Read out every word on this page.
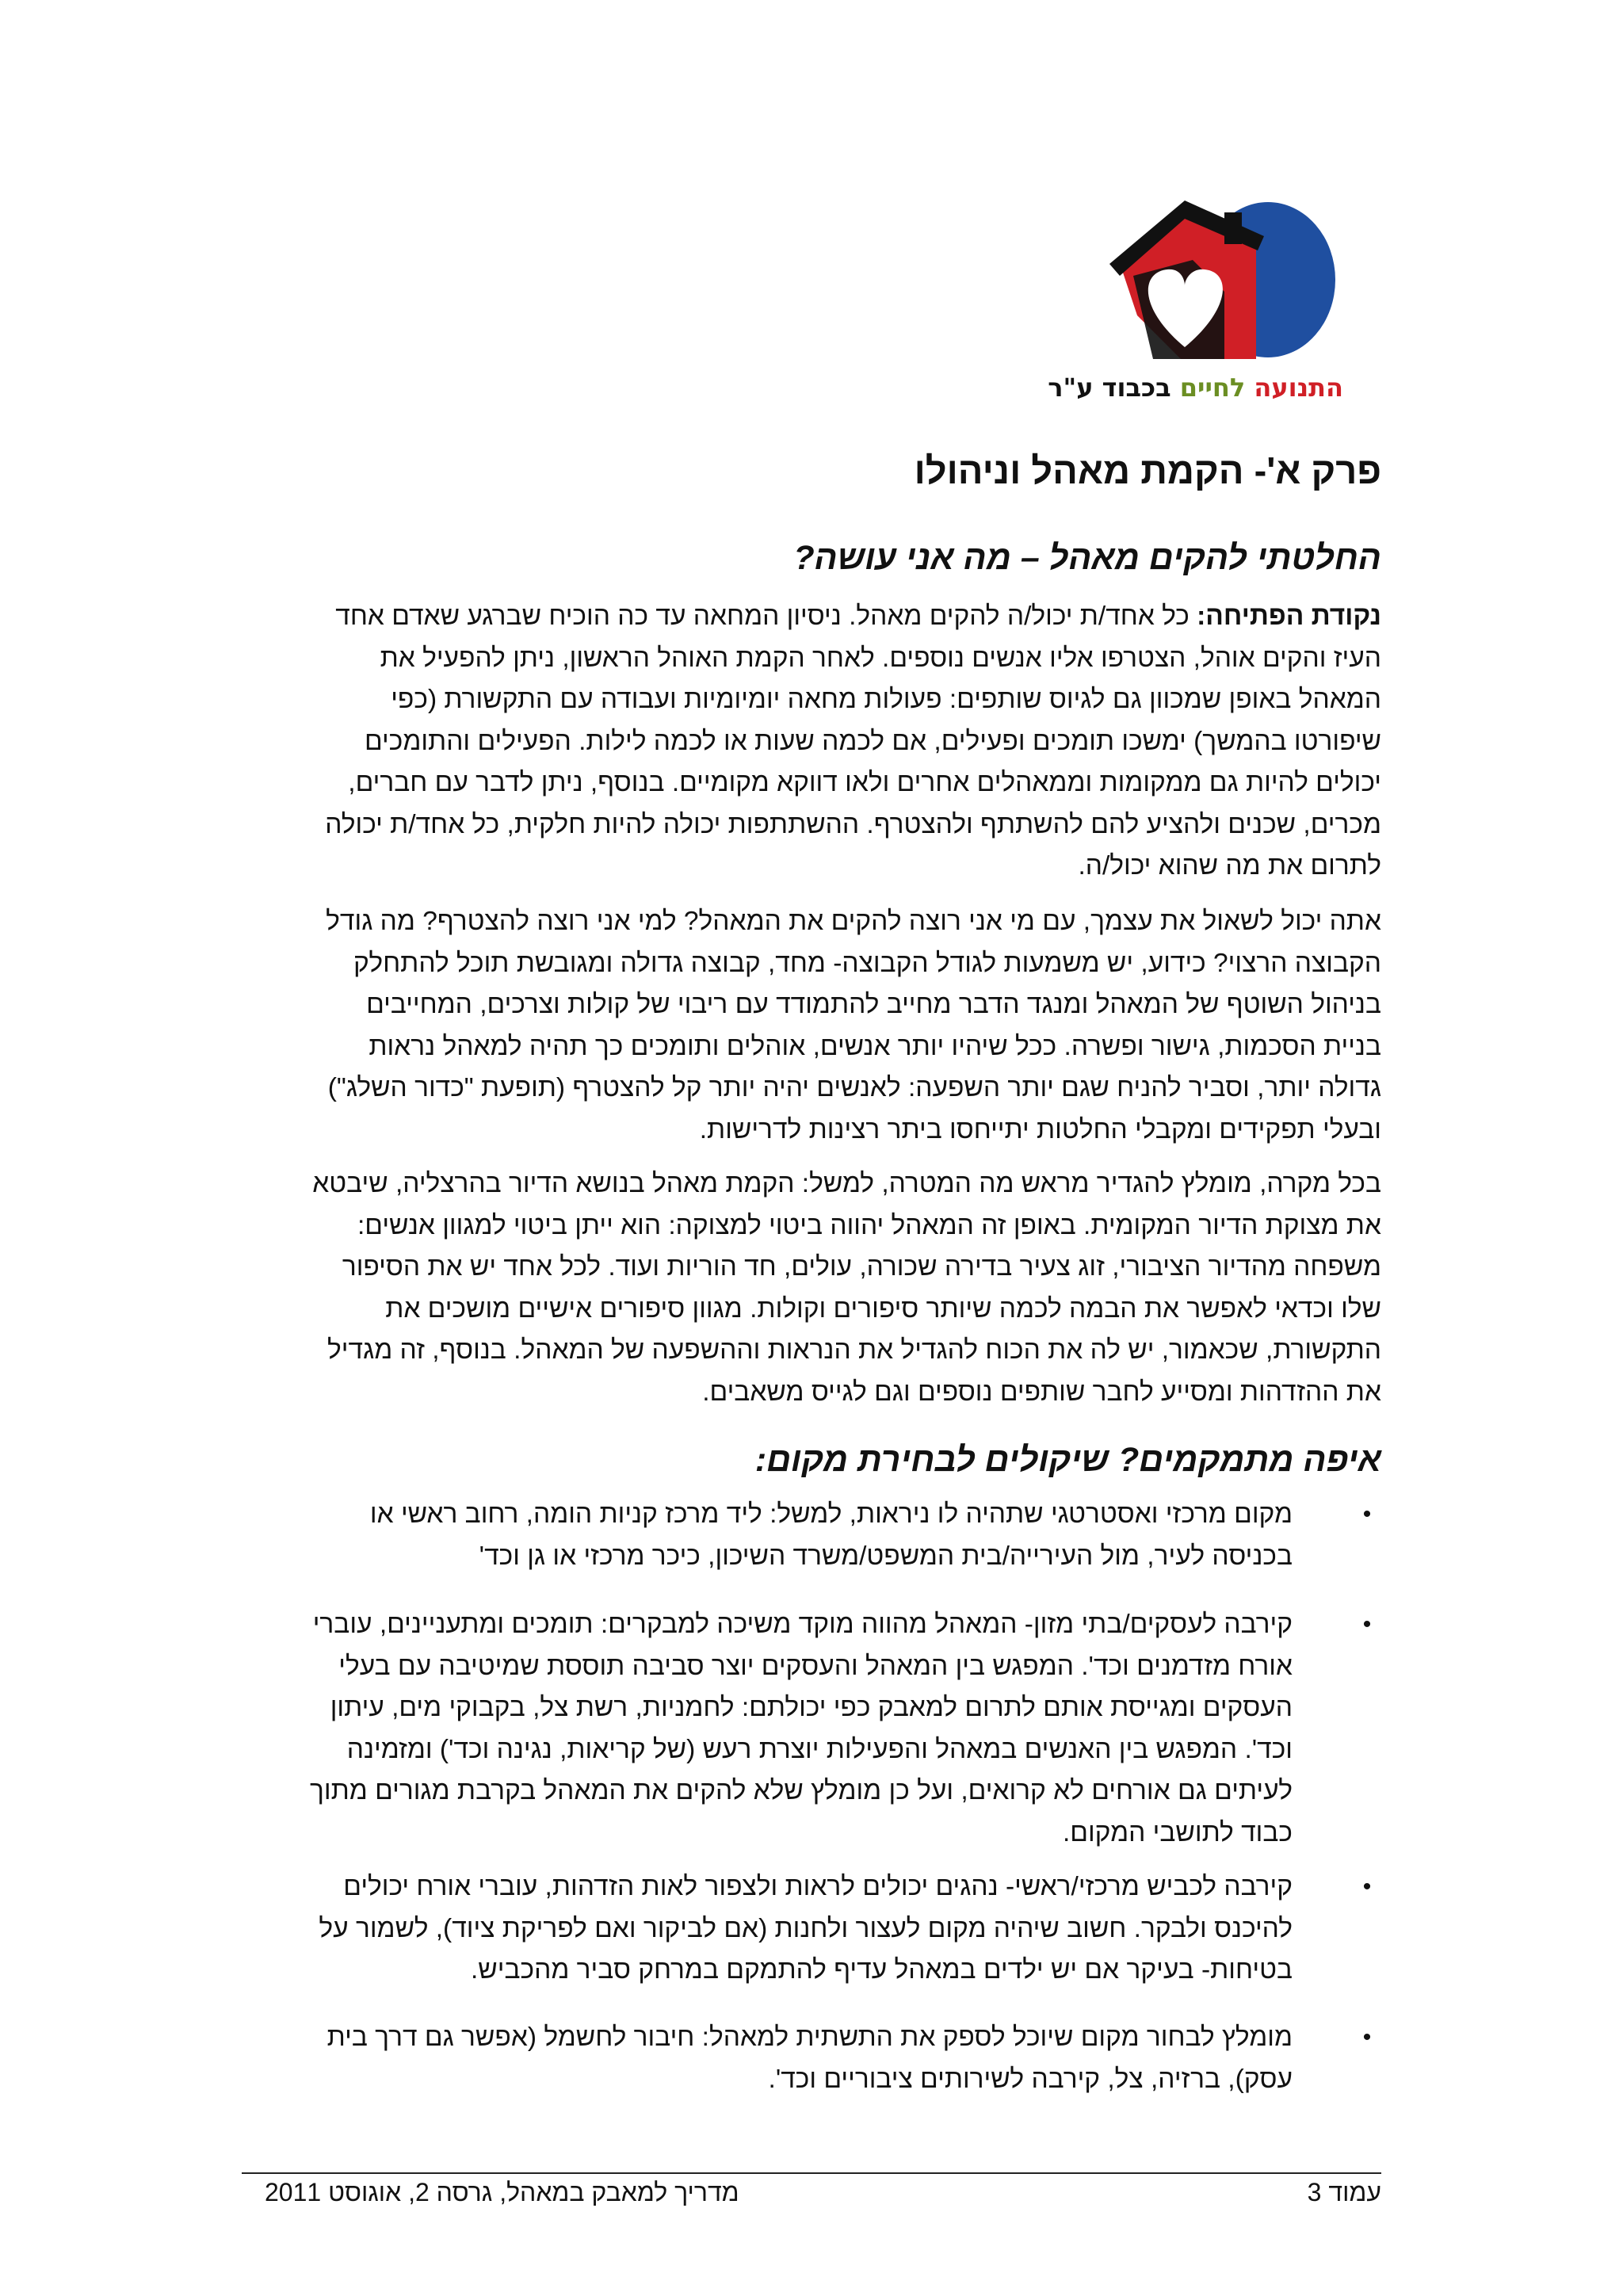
התנועה לחיים בכבוד ע"ר
פרק א'- הקמת מאהל וניהולו
החלטתי להקים מאהל – מה אני עושה?
נקודת הפתיחה: כל אחד/ת יכול/ה להקים מאהל. ניסיון המחאה עד כה הוכיח שברגע שאדם אחד
העיז והקים אוהל, הצטרפו אליו אנשים נוספים. לאחר הקמת האוהל הראשון, ניתן להפעיל את
המאהל באופן שמכוון גם לגיוס שותפים: פעולות מחאה יומיומיות ועבודה עם התקשורת (כפי
שיפורטו בהמשך) ימשכו תומכים ופעילים, אם לכמה שעות או לכמה לילות. הפעילים והתומכים
יכולים להיות גם ממקומות וממאהלים אחרים ולאו דווקא מקומיים. בנוסף, ניתן לדבר עם חברים,
מכרים, שכנים ולהציע להם להשתתף ולהצטרף. ההשתתפות יכולה להיות חלקית, כל אחד/ת יכולה
לתרום את מה שהוא יכול/ה.
אתה יכול לשאול את עצמך, עם מי אני רוצה להקים את המאהל? למי אני רוצה להצטרף? מה גודל
הקבוצה הרצוי? כידוע, יש משמעות לגודל הקבוצה- מחד, קבוצה גדולה ומגובשת תוכל להתחלק
בניהול השוטף של המאהל ומנגד הדבר מחייב להתמודד עם ריבוי של קולות וצרכים, המחייבים
בניית הסכמות, גישור ופשרה. ככל שיהיו יותר אנשים, אוהלים ותומכים כך תהיה למאהל נראות
גדולה יותר, וסביר להניח שגם יותר השפעה: לאנשים יהיה יותר קל להצטרף (תופעת "כדור השלג")
ובעלי תפקידים ומקבלי החלטות יתייחסו ביתר רצינות לדרישות.
בכל מקרה, מומלץ להגדיר מראש מה המטרה, למשל: הקמת מאהל בנושא הדיור בהרצליה, שיבטא
את מצוקת הדיור המקומית. באופן זה המאהל יהווה ביטוי למצוקה: הוא ייתן ביטוי למגוון אנשים:
משפחה מהדיור הציבורי, זוג צעיר בדירה שכורה, עולים, חד הוריות ועוד. לכל אחד יש את הסיפור
שלו וכדאי לאפשר את הבמה לכמה שיותר סיפורים וקולות. מגוון סיפורים אישיים מושכים את
התקשורת, שכאמור, יש לה את הכוח להגדיל את הנראות וההשפעה של המאהל. בנוסף, זה מגדיל
את ההזדהות ומסייע לחבר שותפים נוספים וגם לגייס משאבים.
איפה מתמקמים? שיקולים לבחירת מקום:
•
מקום מרכזי ואסטרטגי שתהיה לו ניראות, למשל: ליד מרכז קניות הומה, רחוב ראשי או
בכניסה לעיר, מול העירייה/בית המשפט/משרד השיכון, כיכר מרכזי או גן וכד'
•
קירבה לעסקים/בתי מזון- המאהל מהווה מוקד משיכה למבקרים: תומכים ומתעניינים, עוברי
אורח מזדמנים וכד'. המפגש בין המאהל והעסקים יוצר סביבה תוססת שמיטיבה עם בעלי
העסקים ומגייסת אותם לתרום למאבק כפי יכולתם: לחמניות, רשת צל, בקבוקי מים, עיתון
וכד'. המפגש בין האנשים במאהל והפעילות יוצרת רעש (של קריאות, נגינה וכד') ומזמינה
לעיתים גם אורחים לא קרואים, ועל כן מומלץ שלא להקים את המאהל בקרבת מגורים מתוך
כבוד לתושבי המקום.
•
קירבה לכביש מרכזי/ראשי- נהגים יכולים לראות ולצפור לאות הזדהות, עוברי אורח יכולים
להיכנס ולבקר. חשוב שיהיה מקום לעצור ולחנות (אם לביקור ואם לפריקת ציוד), לשמור על
בטיחות- בעיקר אם יש ילדים במאהל עדיף להתמקם במרחק סביר מהכביש.
•
מומלץ לבחור מקום שיוכל לספק את התשתית למאהל: חיבור לחשמל (אפשר גם דרך בית
עסק), ברזיה, צל, קירבה לשירותים ציבוריים וכד'.
עמוד 3
מדריך למאבק במאהל, גרסה 2, אוגוסט 2011
